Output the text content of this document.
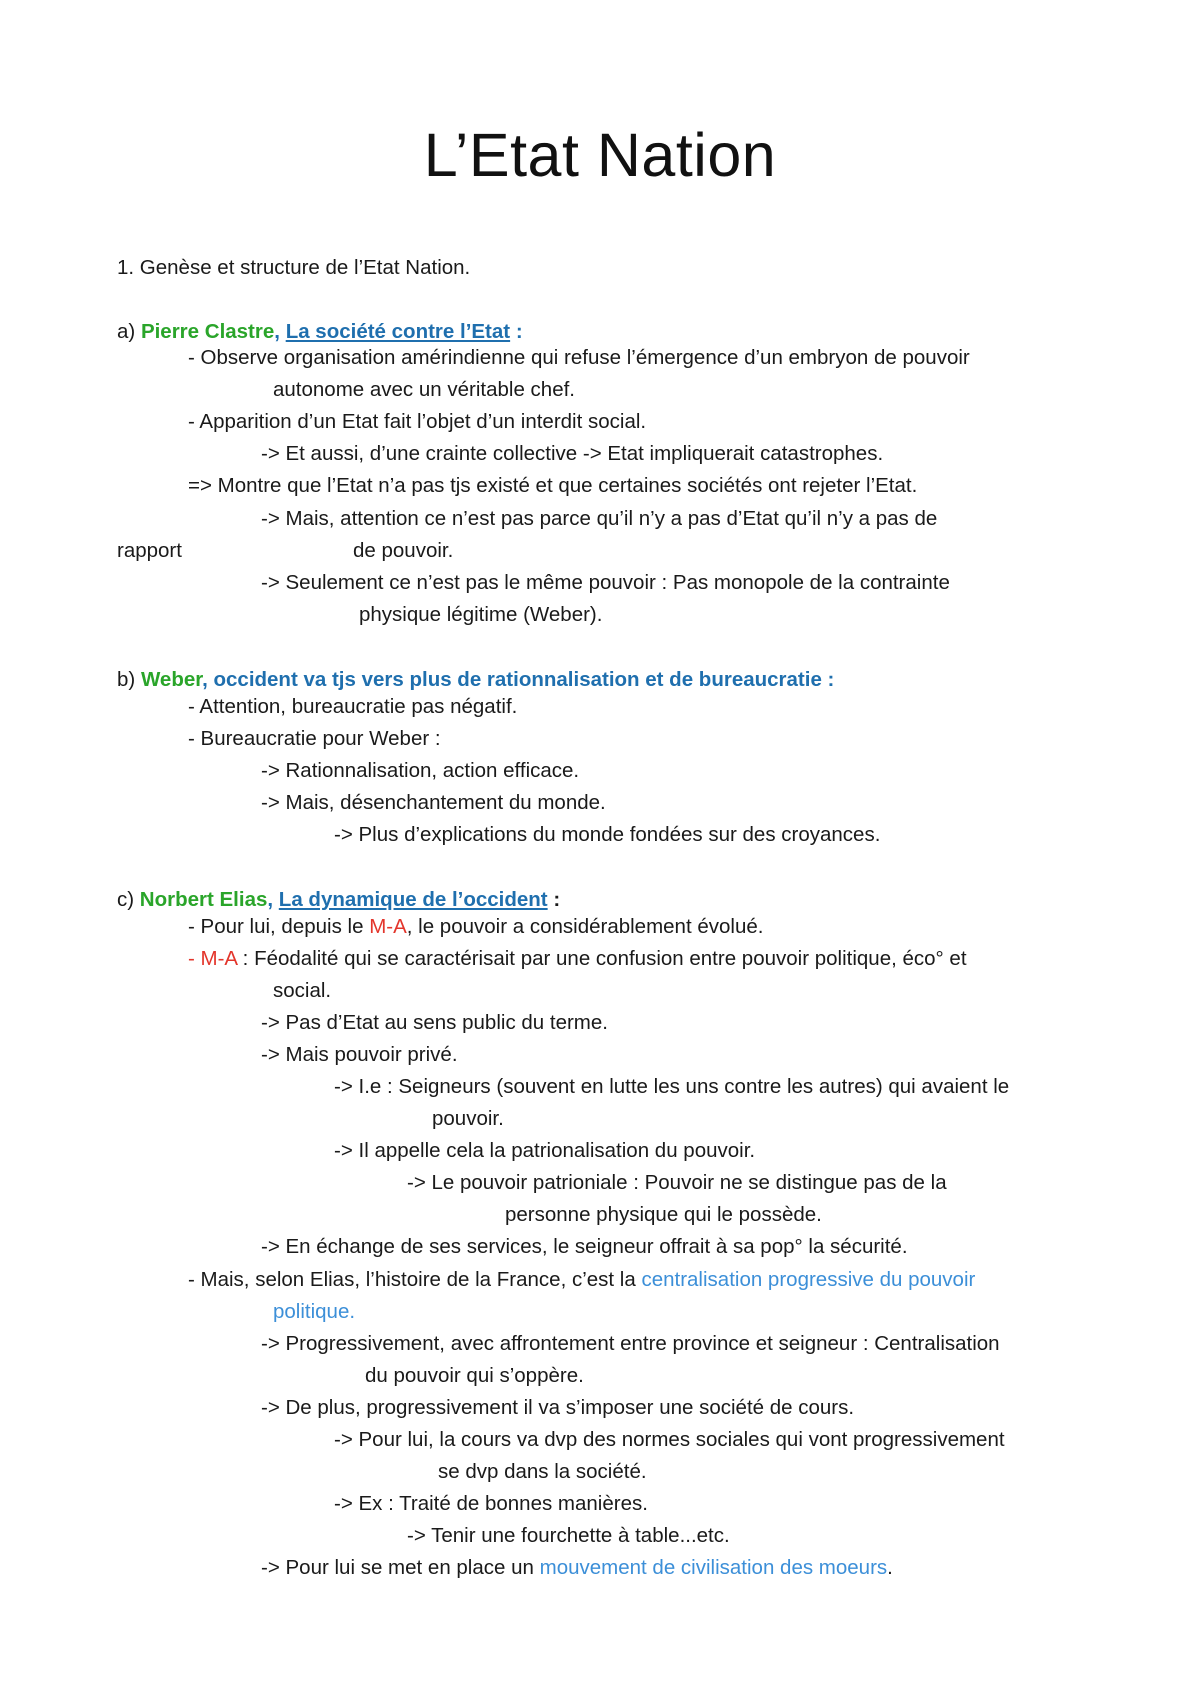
L’Etat Nation
1. Genèse et structure de l’Etat Nation.
a) Pierre Clastre, La société contre l’Etat :
- Observe organisation amérindienne qui refuse l’émergence d’un embryon de pouvoir
autonome avec un véritable chef.
- Apparition d’un Etat fait l’objet d’un interdit social.
-> Et aussi, d’une crainte collective -> Etat impliquerait catastrophes.
=> Montre que l’Etat n’a pas tjs existé et que certaines sociétés ont rejeter l’Etat.
-> Mais, attention ce n’est pas parce qu’il n’y a pas d’Etat qu’il n’y a pas de
rapport	de pouvoir.
-> Seulement ce n’est pas le même pouvoir : Pas monopole de la contrainte
physique légitime (Weber).
b) Weber, occident va tjs vers plus de rationnalisation et de bureaucratie :
- Attention, bureaucratie pas négatif.
- Bureaucratie pour Weber :
-> Rationnalisation, action efficace.
-> Mais, désenchantement du monde.
-> Plus d’explications du monde fondées sur des croyances.
c) Norbert Elias, La dynamique de l’occident :
- Pour lui, depuis le M-A, le pouvoir a considérablement évolué.
- M-A : Féodalité qui se caractérisait par une confusion entre pouvoir politique, éco° et
social.
-> Pas d’Etat au sens public du terme.
-> Mais pouvoir privé.
-> I.e : Seigneurs (souvent en lutte les uns contre les autres) qui avaient le
pouvoir.
-> Il appelle cela la patrionalisation du pouvoir.
-> Le pouvoir patrioniale : Pouvoir ne se distingue pas de la
personne physique qui le possède.
-> En échange de ses services, le seigneur offrait à sa pop° la sécurité.
- Mais, selon Elias, l’histoire de la France, c’est la centralisation progressive du pouvoir
politique.
-> Progressivement, avec affrontement entre province et seigneur : Centralisation
du pouvoir qui s’oppère.
-> De plus, progressivement il va s’imposer une société de cours.
-> Pour lui, la cours va dvp des normes sociales qui vont progressivement
se dvp dans la société.
-> Ex : Traité de bonnes manières.
-> Tenir une fourchette à table...etc.
-> Pour lui se met en place un mouvement de civilisation des moeurs.
